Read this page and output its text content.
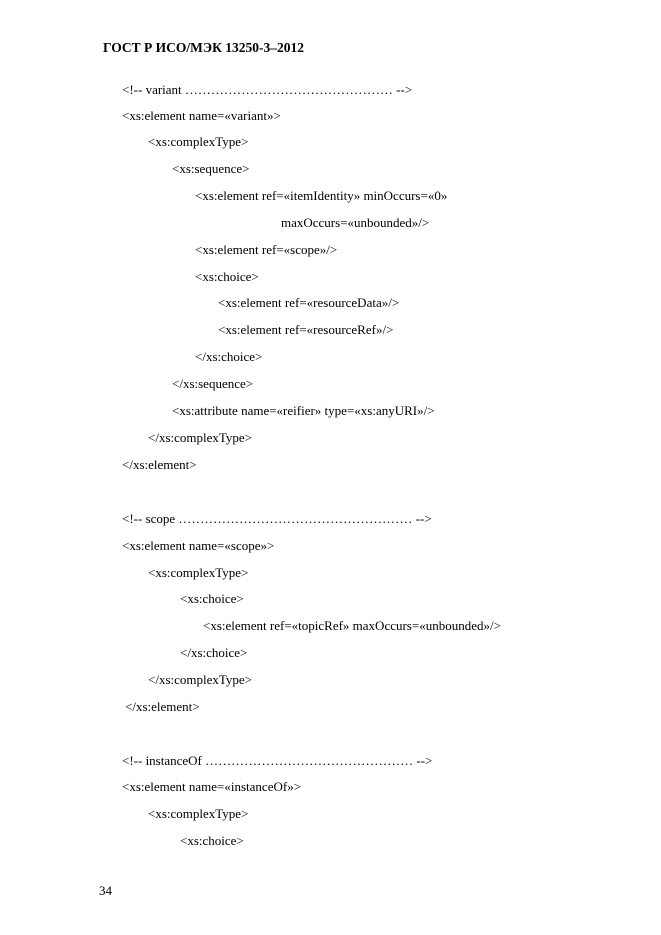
ГОСТ Р ИСО/МЭК 13250-3–2012
<!-- variant ………………………………………… -->
<xs:element name=«variant»>
<xs:complexType>
<xs:sequence>
<xs:element ref=«itemIdentity» minOccurs=«0»
maxOccurs=«unbounded»/>
<xs:element ref=«scope»/>
<xs:choice>
<xs:element ref=«resourceData»/>
<xs:element ref=«resourceRef»/>
</xs:choice>
</xs:sequence>
<xs:attribute name=«reifier» type=«xs:anyURI»/>
</xs:complexType>
</xs:element>
<!-- scope ……………………………………………… -->
<xs:element name=«scope»>
<xs:complexType>
<xs:choice>
<xs:element ref=«topicRef» maxOccurs=«unbounded»/>
</xs:choice>
</xs:complexType>
</xs:element>
<!-- instanceOf ………………………………………… -->
<xs:element name=«instanceOf»>
<xs:complexType>
<xs:choice>
34
